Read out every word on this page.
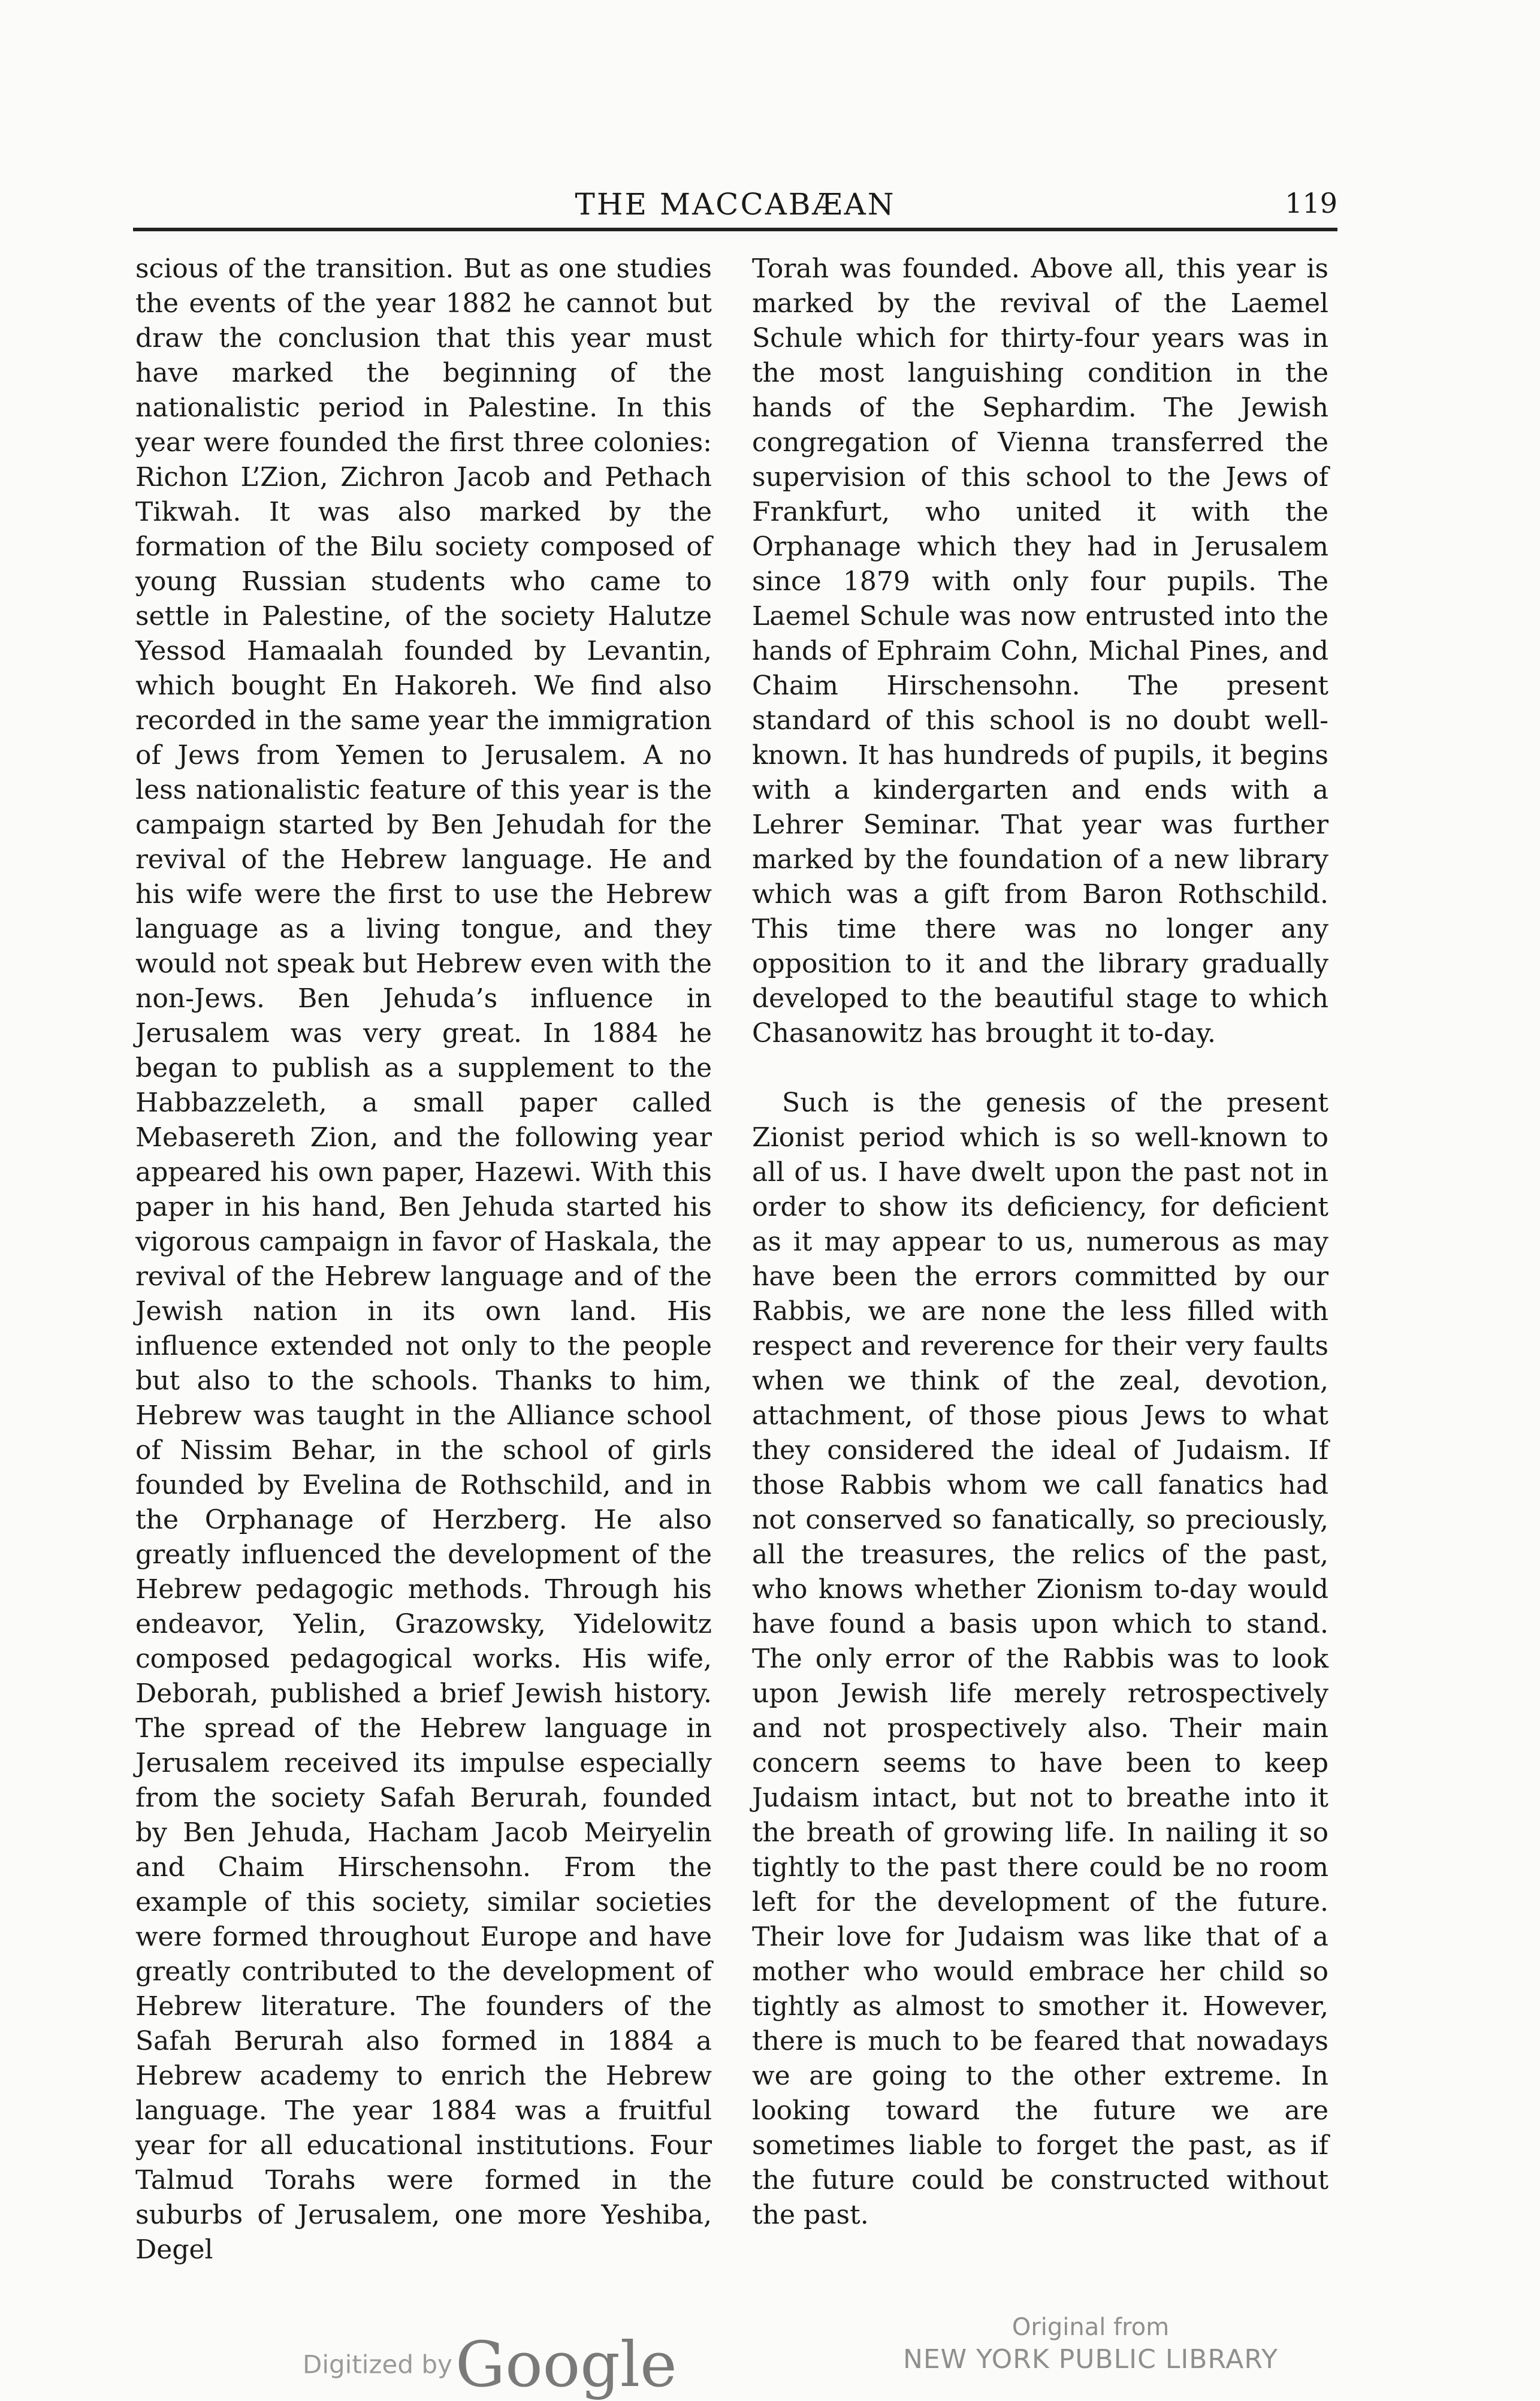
THE MACCABÆAN	119

scious of the transition. But as one studies the events of the year 1882 he cannot but draw the conclusion that this year must have marked the beginning of the nationalistic period in Palestine. In this year were founded the first three colonies: Richon L’Zion, Zichron Jacob and Pethach Tikwah. It was also marked by the formation of the Bilu society composed of young Russian students who came to settle in Palestine, of the society Halutze Yessod Hamaalah founded by Levantin, which bought En Hakoreh. We find also recorded in the same year the immigration of Jews from Yemen to Jerusalem. A no less nationalistic feature of this year is the campaign started by Ben Jehudah for the revival of the Hebrew language. He and his wife were the first to use the Hebrew language as a living tongue, and they would not speak but Hebrew even with the non-Jews. Ben Jehuda’s influence in Jerusalem was very great. In 1884 he began to publish as a supplement to the Habbazzeleth, a small paper called Mebasereth Zion, and the following year appeared his own paper, Hazewi. With this paper in his hand, Ben Jehuda started his vigorous campaign in favor of Haskala, the revival of the Hebrew language and of the Jewish nation in its own land. His influence extended not only to the people but also to the schools. Thanks to him, Hebrew was taught in the Alliance school of Nissim Behar, in the school of girls founded by Evelina de Rothschild, and in the Orphanage of Herzberg. He also greatly influenced the development of the Hebrew pedagogic methods. Through his endeavor, Yelin, Grazowsky, Yidelowitz composed pedagogical works. His wife, Deborah, published a brief Jewish history. The spread of the Hebrew language in Jerusalem received its impulse especially from the society Safah Berurah, founded by Ben Jehuda, Hacham Jacob Meiryelin and Chaim Hirschensohn. From the example of this society, similar societies were formed throughout Europe and have greatly contributed to the development of Hebrew literature. The founders of the Safah Berurah also formed in 1884 a Hebrew academy to enrich the Hebrew language. The year 1884 was a fruitful year for all educational institutions. Four Talmud Torahs were formed in the suburbs of Jerusalem, one more Yeshiba, Degel

Torah was founded. Above all, this year is marked by the revival of the Laemel Schule which for thirty-four years was in the most languishing condition in the hands of the Sephardim. The Jewish congregation of Vienna transferred the supervision of this school to the Jews of Frankfurt, who united it with the Orphanage which they had in Jerusalem since 1879 with only four pupils. The Laemel Schule was now entrusted into the hands of Ephraim Cohn, Michal Pines, and Chaim Hirschensohn. The present standard of this school is no doubt well-known. It has hundreds of pupils, it begins with a kindergarten and ends with a Lehrer Seminar. That year was further marked by the foundation of a new library which was a gift from Baron Rothschild. This time there was no longer any opposition to it and the library gradually developed to the beautiful stage to which Chasanowitz has brought it to-day.

Such is the genesis of the present Zionist period which is so well-known to all of us. I have dwelt upon the past not in order to show its deficiency, for deficient as it may appear to us, numerous as may have been the errors committed by our Rabbis, we are none the less filled with respect and reverence for their very faults when we think of the zeal, devotion, attachment, of those pious Jews to what they considered the ideal of Judaism. If those Rabbis whom we call fanatics had not conserved so fanatically, so preciously, all the treasures, the relics of the past, who knows whether Zionism to-day would have found a basis upon which to stand. The only error of the Rabbis was to look upon Jewish life merely retrospectively and not prospectively also. Their main concern seems to have been to keep Judaism intact, but not to breathe into it the breath of growing life. In nailing it so tightly to the past there could be no room left for the development of the future. Their love for Judaism was like that of a mother who would embrace her child so tightly as almost to smother it. However, there is much to be feared that nowadays we are going to the other extreme. In looking toward the future we are sometimes liable to forget the past, as if the future could be constructed without the past.

Digitized by Google
Original from
NEW YORK PUBLIC LIBRARY
